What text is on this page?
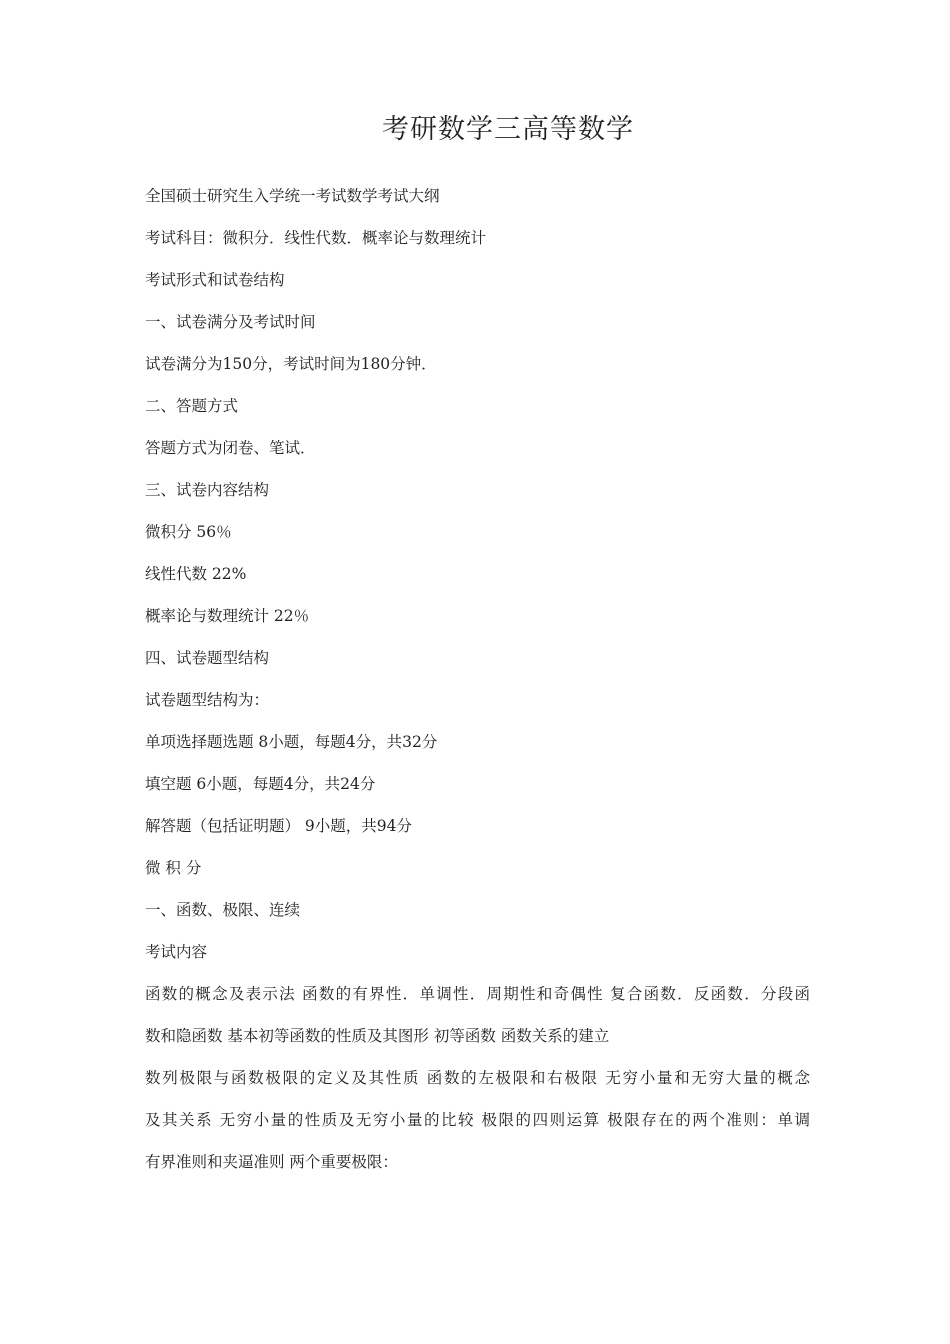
考研数学三高等数学
全国硕士研究生入学统一考试数学考试大纲
考试科目：微积分．线性代数．概率论与数理统计
考试形式和试卷结构
一、试卷满分及考试时间
试卷满分为150分，考试时间为180分钟．
二、答题方式
答题方式为闭卷、笔试．
三、试卷内容结构
微积分 56％
线性代数 22%
概率论与数理统计 22％
四、试卷题型结构
试卷题型结构为：
单项选择题选题 8小题，每题4分，共32分
填空题 6小题，每题4分，共24分
解答题（包括证明题） 9小题，共94分
微 积 分
一、函数、极限、连续
考试内容
函数的概念及表示法 函数的有界性．单调性．周期性和奇偶性 复合函数．反函数．分段函
数和隐函数 基本初等函数的性质及其图形 初等函数 函数关系的建立
数列极限与函数极限的定义及其性质 函数的左极限和右极限 无穷小量和无穷大量的概念
及其关系 无穷小量的性质及无穷小量的比较 极限的四则运算 极限存在的两个准则：单调
有界准则和夹逼准则 两个重要极限：
